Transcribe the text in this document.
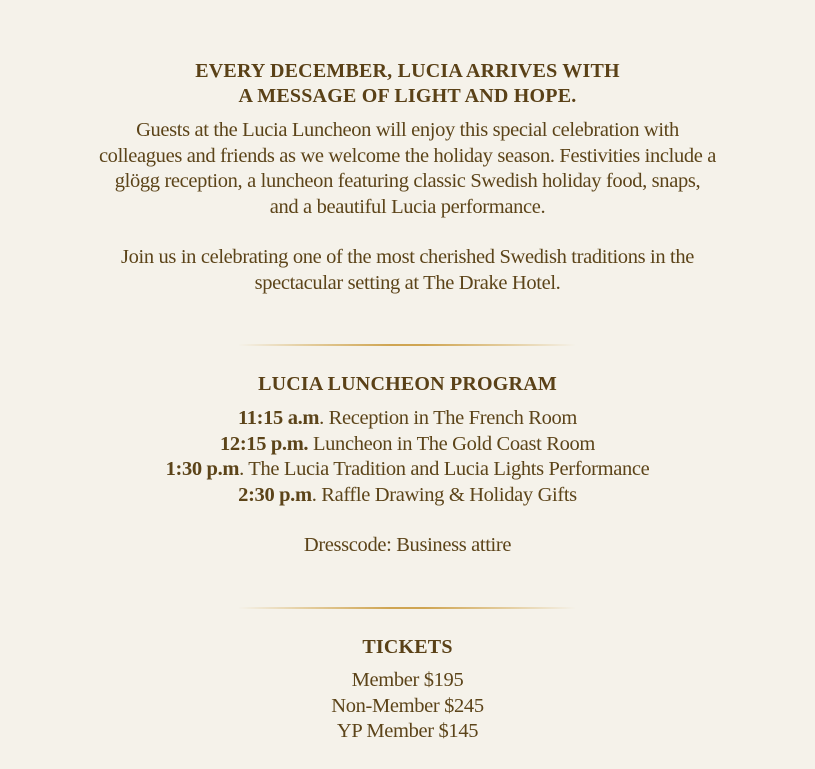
EVERY DECEMBER, LUCIA ARRIVES WITH
A MESSAGE OF LIGHT AND HOPE.
Guests at the Lucia Luncheon will enjoy this special celebration with
colleagues and friends as we welcome the holiday season. Festivities include a
glögg reception, a luncheon featuring classic Swedish holiday food, snaps,
and a beautiful Lucia performance.
Join us in celebrating one of the most cherished Swedish traditions in the
spectacular setting at The Drake Hotel.
LUCIA LUNCHEON PROGRAM
11:15 a.m. Reception in The French Room
12:15 p.m. Luncheon in The Gold Coast Room
1:30 p.m. The Lucia Tradition and Lucia Lights Performance
2:30 p.m. Raffle Drawing & Holiday Gifts
Dresscode: Business attire
TICKETS
Member $195
Non-Member $245
YP Member $145
